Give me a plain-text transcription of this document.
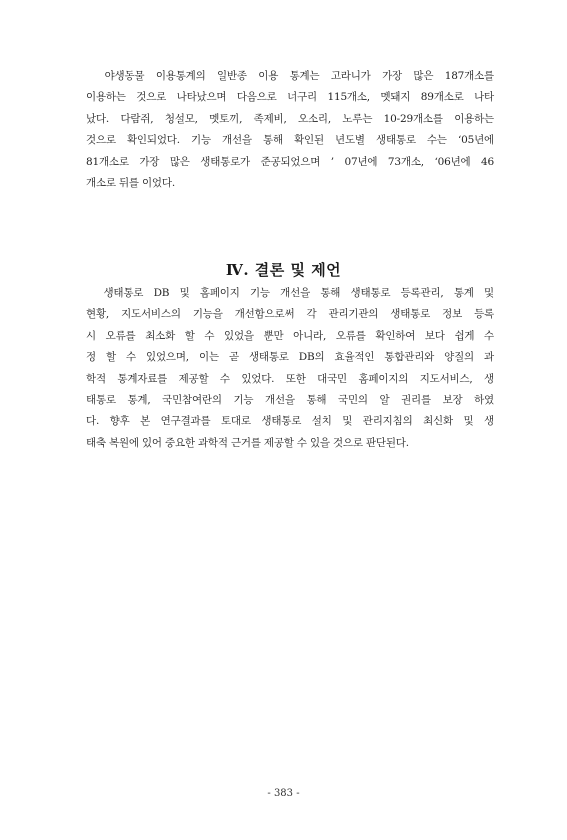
　야생동물 이용통계의 일반종 이용 통계는 고라니가 가장 많은 187개소를
이용하는 것으로 나타났으며 다음으로 너구리 115개소, 멧돼지 89개소로 나타
났다. 다람쥐, 청설모, 멧토끼, 족제비, 오소리, 노루는 10-29개소를 이용하는
것으로 확인되었다. 기능 개선을 통해 확인된 년도별 생태통로 수는 ‘05년에
81개소로 가장 많은 생태통로가 준공되었으며 ’ 07년에 73개소, ‘06년에 46
개소로 뒤를 이었다.

Ⅳ. 결론 및 제언

　생태통로 DB 및 홈페이지 기능 개선을 통해 생태통로 등록관리, 통계 및
현황, 지도서비스의 기능을 개선함으로써 각 관리기관의 생태통로 정보 등록
시 오류를 최소화 할 수 있었을 뿐만 아니라, 오류를 확인하여 보다 쉽게 수
정 할 수 있었으며, 이는 곧 생태통로 DB의 효율적인 통합관리와 양질의 과
학적 통계자료를 제공할 수 있었다. 또한 대국민 홈페이지의 지도서비스, 생
태통로 통계, 국민참여란의 기능 개선을 통해 국민의 알 권리를 보장 하였
다. 향후 본 연구결과를 토대로 생태통로 설치 및 관리지침의 최신화 및 생
태축 복원에 있어 중요한 과학적 근거를 제공할 수 있을 것으로 판단된다.

- 383 -
